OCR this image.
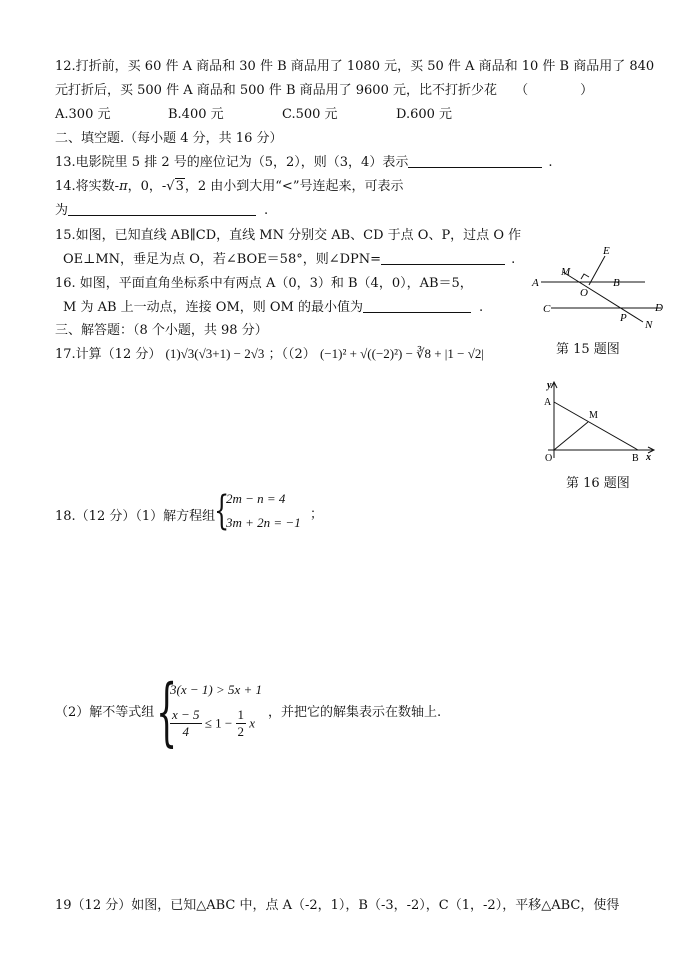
12.打折前，买 60 件 A 商品和 30 件 B 商品用了 1080 元，买 50 件 A 商品和 10 件 B 商品用了 840
元打折后，买 500 件 A 商品和 500 件 B 商品用了 9600 元，比不打折少花 （　　　　）
A.300 元	B.400 元	C.500 元	D.600 元
二、填空题.（每小题 4 分，共 16 分）
13.电影院里 5 排 2 号的座位记为（5，2），则（3，4）表示	.
14.将实数-π，0，-√3，2 由小到大用“<”号连起来，可表示
为	.
15.如图，已知直线 AB∥CD，直线 MN 分别交 AB、CD 于点 O、P，过点 O 作
OE⊥MN，垂足为点 O，若∠BOE＝58°，则∠DPN=	.
16. 如图，平面直角坐标系中有两点 A（0，3）和 B（4，0），AB＝5，
M 为 AB 上一动点，连接 OM，则 OM 的最小值为	.
三、解答题：（8 个小题，共 98 分）
17.计算（12 分） (1)√3(√3+1) − 2√3 ；（（2） (−1)² + √((−2)²) − ∛8 + |1 − √2|
E
M
A
O
B
C
P
D
N
第 15 题图
y
A
M
O	B x
第 16 题图
18.（12 分）（1）解方程组
{
2m − n = 4
3m + 2n = −1
；
（2）解不等式组 {
3(x − 1) > 5x + 1
$\frac{x - 5}{4} \le 1 - \frac{1}{2}$ x
，并把它的解集表示在数轴上.
19（12 分）如图，已知△ABC 中，点 A（-2，1），B（-3，-2），C（1，-2），平移△ABC，使得
